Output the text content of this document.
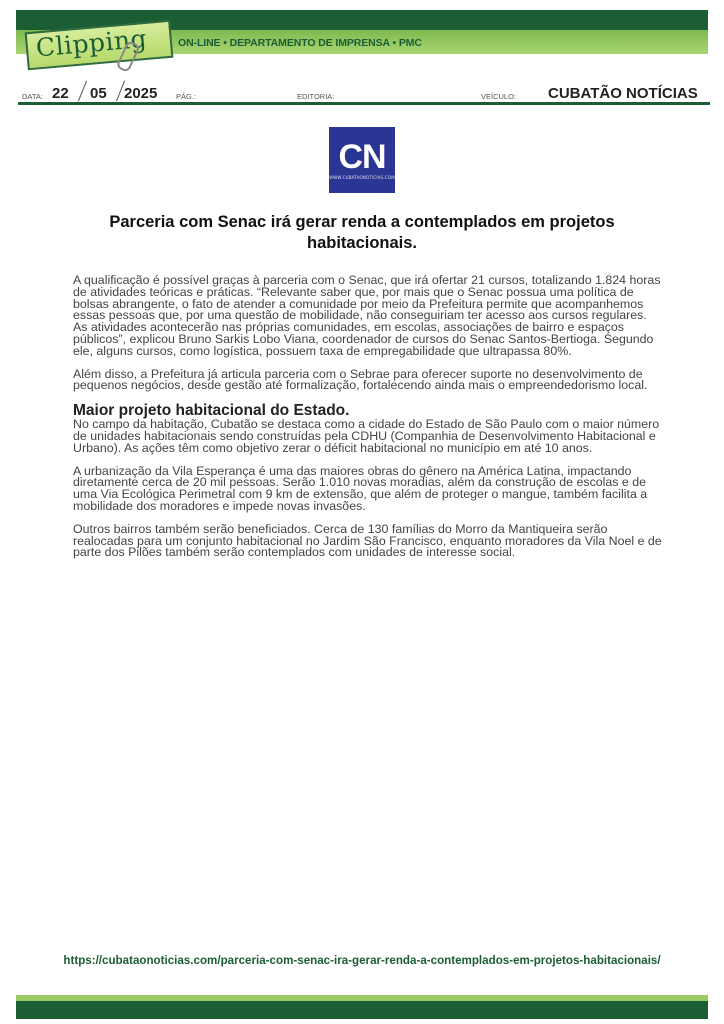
ON-LINE • DEPARTAMENTO DE IMPRENSA • PMC
Clipping
DATA: 22 05 2025 PÁG.:	EDITORIA:	VEÍCULO: CUBATÃO NOTÍCIAS
CN
WWW.CUBATAONOTICIAS.COM
Parceria com Senac irá gerar renda a contemplados em projetos habitacionais.

A qualificação é possível graças à parceria com o Senac, que irá ofertar 21 cursos, totalizando 1.824 horas de atividades teóricas e práticas. “Relevante saber que, por mais que o Senac possua uma política de bolsas abrangente, o fato de atender a comunidade por meio da Prefeitura permite que acompanhemos essas pessoas que, por uma questão de mobilidade, não conseguiriam ter acesso aos cursos regulares. As atividades acontecerão nas próprias comunidades, em escolas, associações de bairro e espaços públicos”, explicou Bruno Sarkis Lobo Viana, coordenador de cursos do Senac Santos-Bertioga. Segundo ele, alguns cursos, como logística, possuem taxa de empregabilidade que ultrapassa 80%.

Além disso, a Prefeitura já articula parceria com o Sebrae para oferecer suporte no desenvolvimento de pequenos negócios, desde gestão até formalização, fortalecendo ainda mais o empreendedorismo local.

Maior projeto habitacional do Estado.

No campo da habitação, Cubatão se destaca como a cidade do Estado de São Paulo com o maior número de unidades habitacionais sendo construídas pela CDHU (Companhia de Desenvolvimento Habitacional e Urbano). As ações têm como objetivo zerar o déficit habitacional no município em até 10 anos.

A urbanização da Vila Esperança é uma das maiores obras do gênero na América Latina, impactando diretamente cerca de 20 mil pessoas. Serão 1.010 novas moradias, além da construção de escolas e de uma Via Ecológica Perimetral com 9 km de extensão, que além de proteger o mangue, também facilita a mobilidade dos moradores e impede novas invasões.

Outros bairros também serão beneficiados. Cerca de 130 famílias do Morro da Mantiqueira serão realocadas para um conjunto habitacional no Jardim São Francisco, enquanto moradores da Vila Noel e de parte dos Pilões também serão contemplados com unidades de interesse social.

https://cubataonoticias.com/parceria-com-senac-ira-gerar-renda-a-contemplados-em-projetos-habitacionais/
